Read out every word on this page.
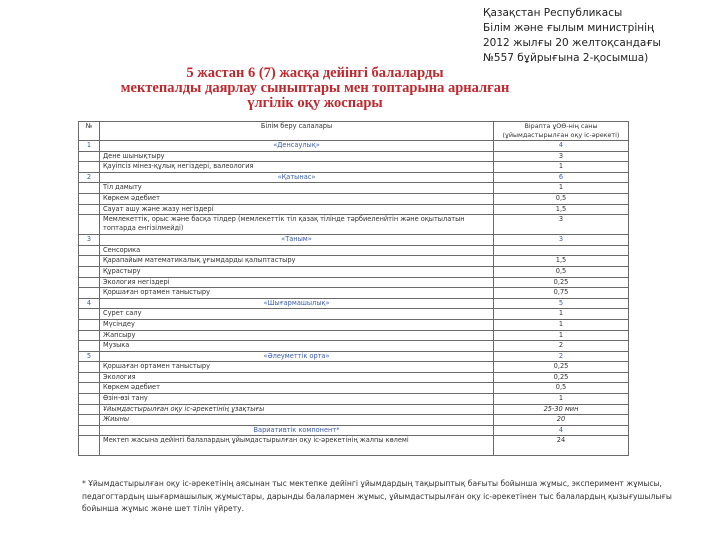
Қазақстан Республикасы
Білім және ғылым министрінің
2012 жылғы 20 желтоқсандағы
№557 бұйрығына 2-қосымша)
5 жастан 6 (7) жасқа дейінгі балаларды
мектепалды даярлау сыныптары мен топтарына арналған
үлгілік оқу жоспары
№	Білім беру салалары	Вірапта ұОӨ-нің саны
(ұйымдастырылған оқу іс-әрекеті)

1	«Денсаулық»	4
	Дене шынықтыру	3
	Қауіпсіз мінез-құлық негіздері, валеология	1
2	«Қатынас»	6
	Тіл дамыту	1
	Көркем әдебиет	0,5
	Сауат ашу және жазу негіздері	1,5
	Мемлекеттік, орыс және басқа тілдер (мемлекеттік тіл қазақ тілінде тәрбиеленйтін және оқытылатын топтарда енгізілмейді)	3
3	«Таным»	3
	Сенсорика	
	Қарапайым математикалық ұғымдарды қалыптастыру	1,5
	Құрастыру	0,5
	Экология негіздері	0,25
	Қоршаған ортамен таныстыру	0,75
4	«Шығармашылық»	5
	Сурет салу	1
	Мүсіндеу	1
	Жапсыру	1
	Музыка	2
5	«Әлеуметтік орта»	2
	Қоршаған ортамен таныстыру	0,25
	Экология	0,25
	Көркем әдебиет	0,5
	Өзін-өзі тану	1
	Ұйымдастырылған оқу іс-әрекетінің ұзақтығы	25-30 мин
	Жиыны	20
	Вариативтік компонент*	4
	Мектеп жасына дейінгі балалардың ұйымдастырылған оқу іс-әрекетінің жалпы көлемі	24
* Ұйымдастырылған оқу іс-әрекетінің аясынан тыс мектепке дейінгі ұйымдардың тақырыптық бағыты бойынша жұмыс, эксперимент жұмысы, педагогтардың шығармашылық жұмыстары, дарынды балалармен жұмыс, ұйымдастырылған оқу іс-әрекетінен тыс балалардың қызығушылығы бойынша жұмыс және шет тілін үйрету.
